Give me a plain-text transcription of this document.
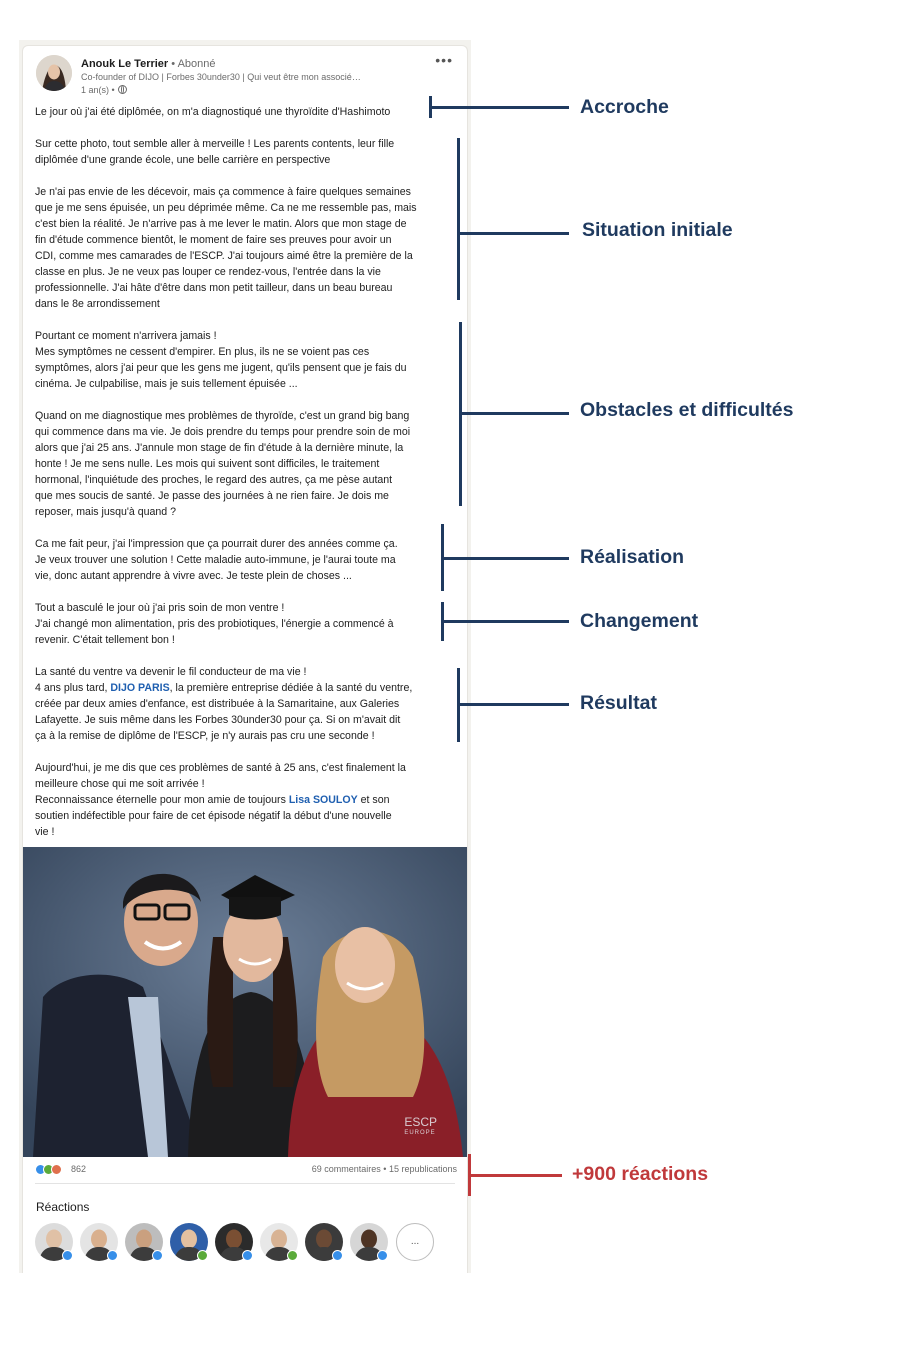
Anouk Le Terrier • Abonné
Co-founder of DIJO | Forbes 30under30 | Qui veut être mon associé…
1 an(s) •
•••
Le jour où j'ai été diplômée, on m'a diagnostiqué une thyroïdite d'Hashimoto
Sur cette photo, tout semble aller à merveille ! Les parents contents, leur fille
diplômée d'une grande école, une belle carrière en perspective
Je n'ai pas envie de les décevoir, mais ça commence à faire quelques semaines
que je me sens épuisée, un peu déprimée même. Ca ne me ressemble pas, mais
c'est bien la réalité. Je n'arrive pas à me lever le matin. Alors que mon stage de
fin d'étude commence bientôt, le moment de faire ses preuves pour avoir un
CDI, comme mes camarades de l'ESCP. J'ai toujours aimé être la première de la
classe en plus. Je ne veux pas louper ce rendez-vous, l'entrée dans la vie
professionnelle. J'ai hâte d'être dans mon petit tailleur, dans un beau bureau
dans le 8e arrondissement
Pourtant ce moment n'arrivera jamais !
Mes symptômes ne cessent d'empirer. En plus, ils ne se voient pas ces
symptômes, alors j'ai peur que les gens me jugent, qu'ils pensent que je fais du
cinéma. Je culpabilise, mais je suis tellement épuisée ...
Quand on me diagnostique mes problèmes de thyroïde, c'est un grand big bang
qui commence dans ma vie. Je dois prendre du temps pour prendre soin de moi
alors que j'ai 25 ans. J'annule mon stage de fin d'étude à la dernière minute, la
honte ! Je me sens nulle. Les mois qui suivent sont difficiles, le traitement
hormonal, l'inquiétude des proches, le regard des autres, ça me pèse autant
que mes soucis de santé. Je passe des journées à ne rien faire. Je dois me
reposer, mais jusqu'à quand ?
Ca me fait peur, j'ai l'impression que ça pourrait durer des années comme ça.
Je veux trouver une solution ! Cette maladie auto-immune, je l'aurai toute ma
vie, donc autant apprendre à vivre avec. Je teste plein de choses ...
Tout a basculé le jour où j'ai pris soin de mon ventre !
J'ai changé mon alimentation, pris des probiotiques, l'énergie a commencé à
revenir. C'était tellement bon !
La santé du ventre va devenir le fil conducteur de ma vie !
4 ans plus tard, DIJO PARIS, la première entreprise dédiée à la santé du ventre,
créée par deux amies d'enfance, est distribuée à la Samaritaine, aux Galeries
Lafayette. Je suis même dans les Forbes 30under30 pour ça. Si on m'avait dit
ça à la remise de diplôme de l'ESCP, je n'y aurais pas cru une seconde !
Aujourd'hui, je me dis que ces problèmes de santé à 25 ans, c'est finalement la
meilleure chose qui me soit arrivée !
Reconnaissance éternelle pour mon amie de toujours Lisa SOULOY et son
soutien indéfectible pour faire de cet épisode négatif la début d'une nouvelle
vie !
ESCP
EUROPE
862	69 commentaires • 15 republications
Réactions
...
Accroche
Situation initiale
Obstacles et difficultés
Réalisation
Changement
Résultat
+900 réactions
